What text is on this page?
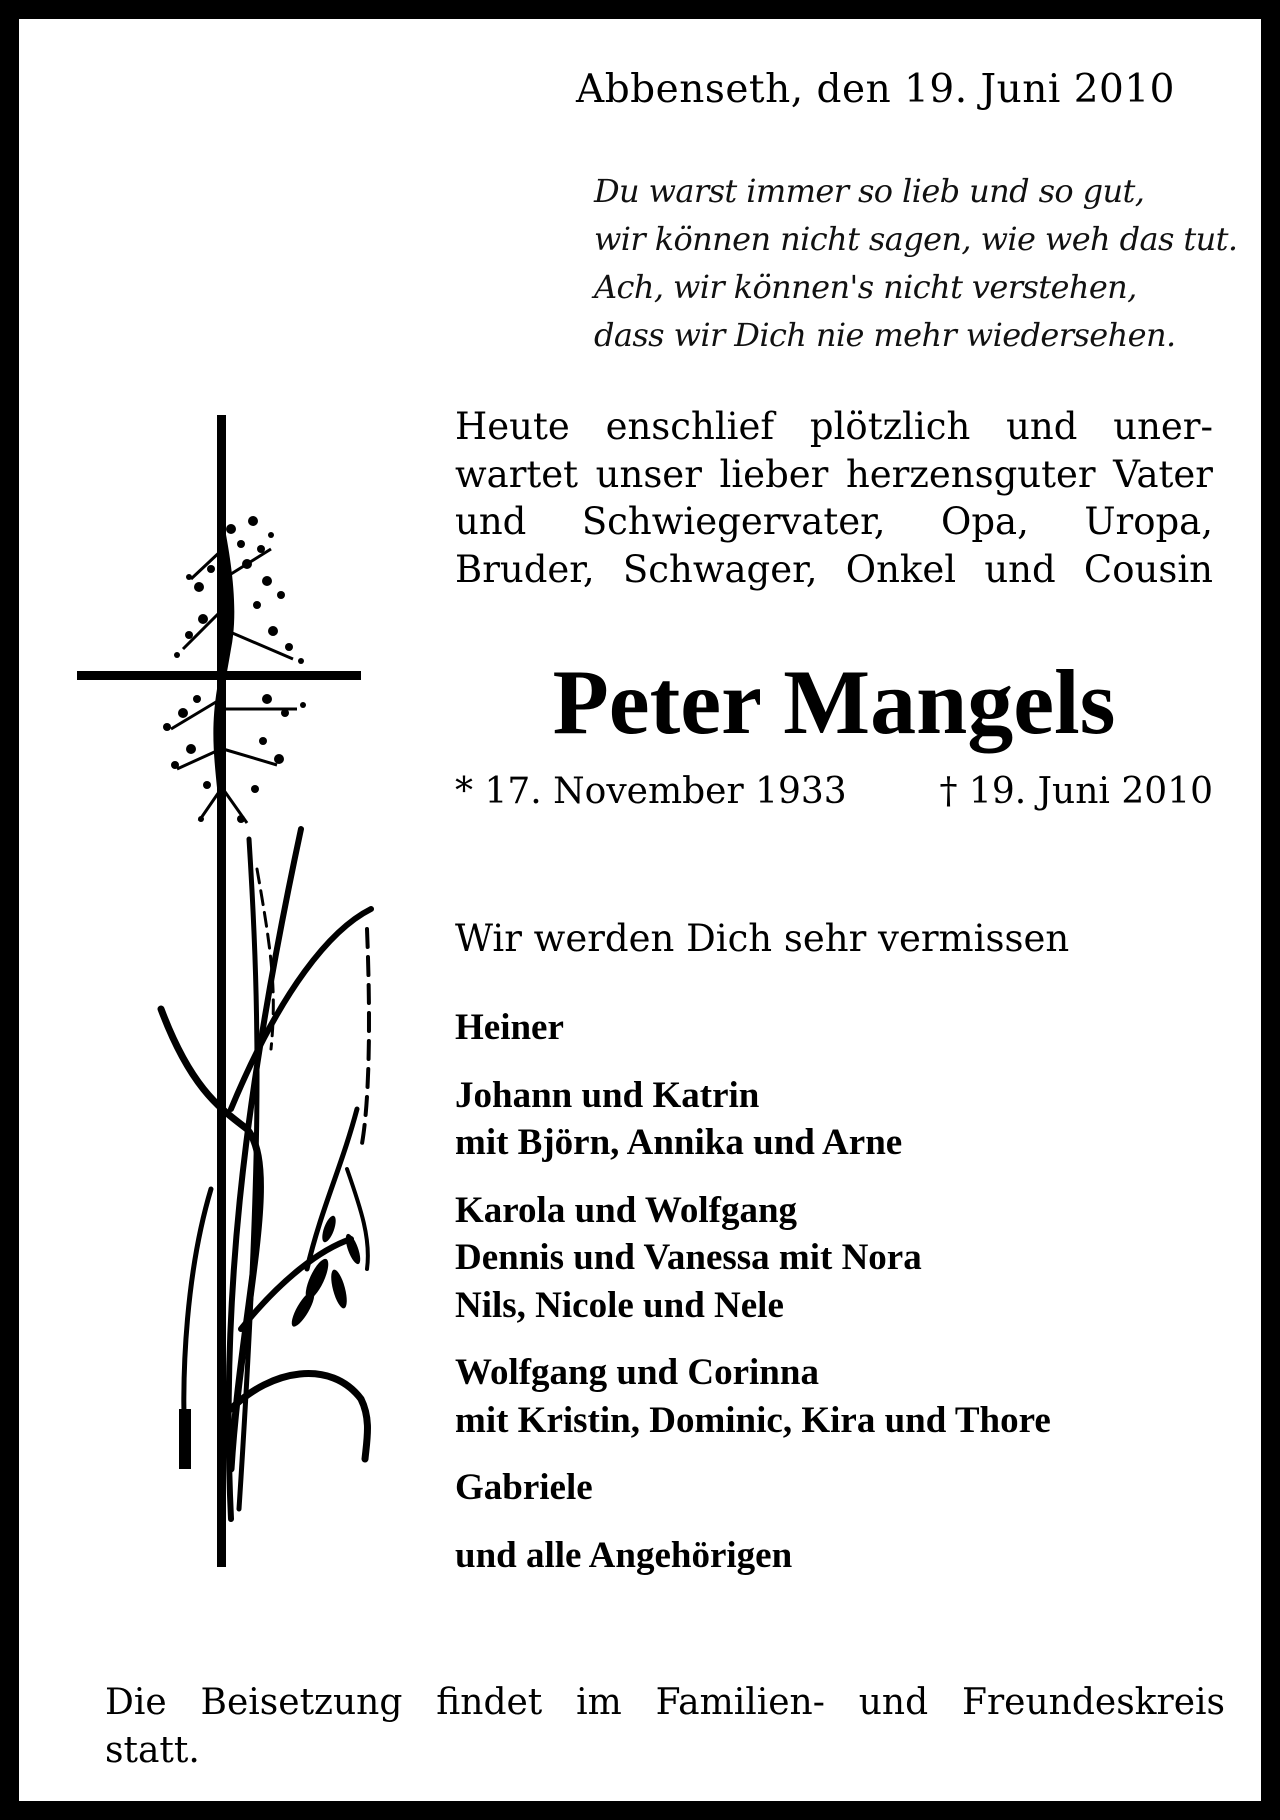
Abbenseth, den 19. Juni 2010
Du warst immer so lieb und so gut,
wir können nicht sagen, wie weh das tut.
Ach, wir können's nicht verstehen,
dass wir Dich nie mehr wiedersehen.
Heute enschlief plötzlich und uner-
wartet unser lieber herzensguter Vater
und Schwiegervater, Opa, Uropa,
Bruder, Schwager, Onkel und Cousin
Peter Mangels
* 17. November 1933	† 19. Juni 2010
Wir werden Dich sehr vermissen
Heiner
Johann und Katrin
mit Björn, Annika und Arne
Karola und Wolfgang
Dennis und Vanessa mit Nora
Nils, Nicole und Nele
Wolfgang und Corinna
mit Kristin, Dominic, Kira und Thore
Gabriele
und alle Angehörigen
Die Beisetzung findet im Familien- und Freundeskreis
statt.
